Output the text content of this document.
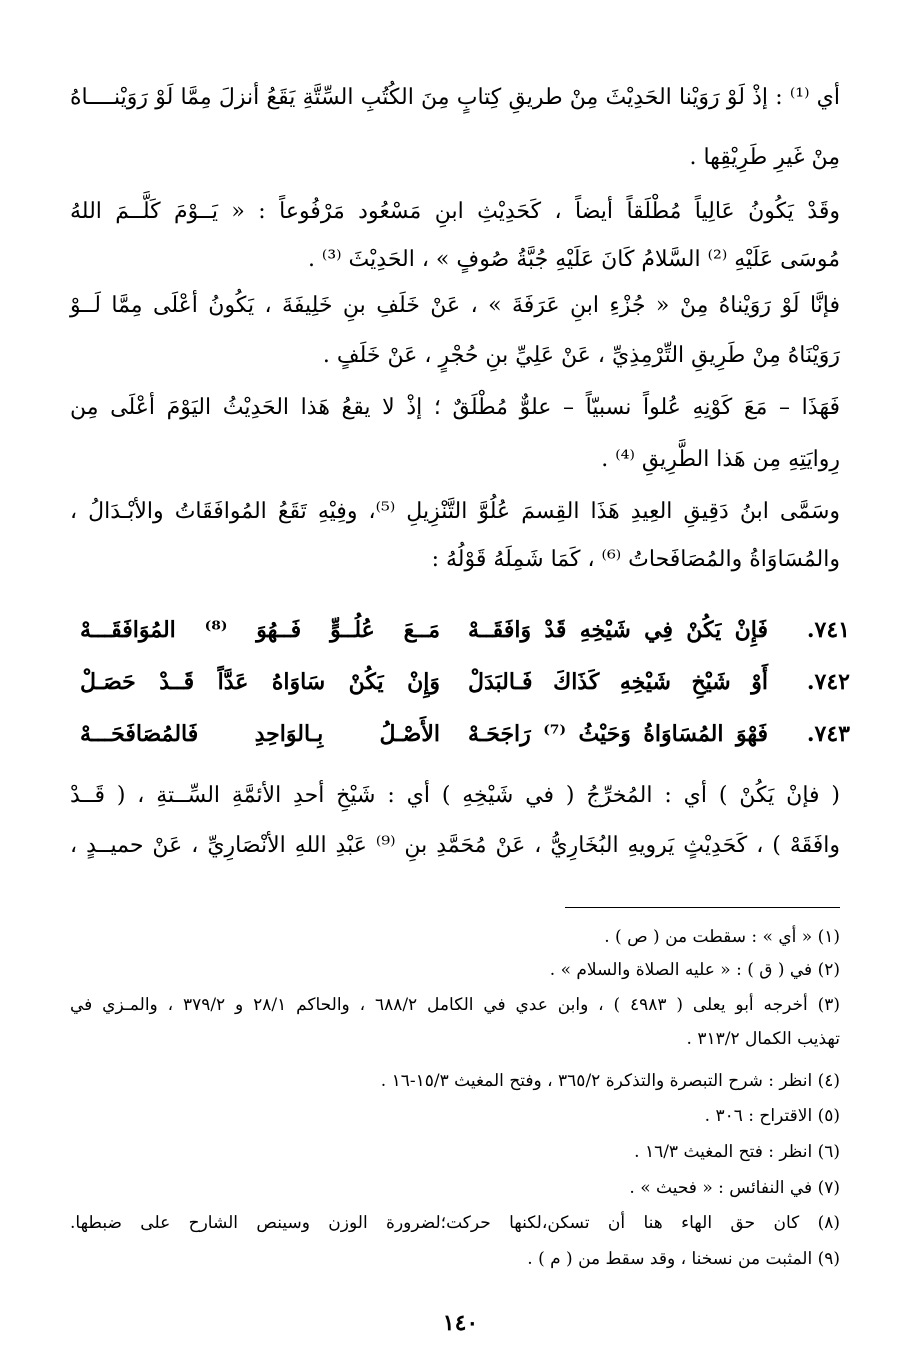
أي ⁽¹⁾ : إذْ لَوْ رَوَيْنا الحَدِيْثَ مِنْ طريقِ كِتابٍ مِنَ الكُتُبِ السِّتَّةِ يَقَعُ أنزلَ مِمَّا لَوْ رَوَيْنــــاهُ
مِنْ غَيرِ طَرِيْقِها .
وقَدْ يَكُونُ عَالِياً مُطْلَقاً أيضاً ، كَحَدِيْثِ ابنِ مَسْعُود مَرْفُوعاً : « يَــوْمَ كَلَّــمَ اللهُ
مُوسَى عَلَيْهِ ⁽²⁾ السَّلامُ كَانَ عَلَيْهِ جُبَّةُ صُوفٍ » ، الحَدِيْثَ ⁽³⁾ .
فإنَّا لَوْ رَوَيْناهُ مِنْ « جُزْءِ ابنِ عَرَفَةَ » ، عَنْ خَلَفِ بنِ خَلِيفَةَ ، يَكُونُ أعْلَى مِمَّا لَــوْ
رَوَيْنَاهُ مِنْ طَرِيقِ التِّرْمِذِيِّ ، عَنْ عَلِيِّ بنِ حُجْرٍ ، عَنْ خَلَفٍ .
فَهَذَا – مَعَ كَوْنِهِ عُلواً نسبيّاً – علوٌّ مُطْلَقٌ ؛ إذْ لا يقعُ هَذا الحَدِيْثُ اليَوْمَ أعْلَى مِن
رِوايَتِهِ مِن هَذا الطَّرِيقِ ⁽⁴⁾ .
وسَمَّى ابنُ دَقِيقِ العِيدِ هَذَا القِسمَ عُلُوَّ التَّنْزِيلِ ⁽⁵⁾، وفِيْهِ تَقَعُ المُوافَقَاتُ والأبْـدَالُ ،
والمُسَاوَاةُ والمُصَافَحاتُ ⁽⁶⁾ ، كَمَا شَمِلَهُ قَوْلُهُ :
٧٤١.
فَإِنْ يَكُنْ فِي شَيْخِهِ قَدْ وَافَقَــهْ
مَــعَ عُلُــوٍّ فَــهُوَ ⁽⁸⁾ المُوَافَقَـــهْ
٧٤٢.
أَوْ شَيْخِ شَيْخِهِ كَذَاكَ فَـالبَدَلْ
وَإِنْ يَكُنْ سَاوَاهُ عَدَّاً قَــدْ حَصَـلْ
٧٤٣.
فَهْوَ المُسَاوَاةُ وَحَيْثُ ⁽⁷⁾ رَاجَحَـهْ
الأَصْـلُ بِـالوَاحِدِ فَالمُصَافَحَـــهْ
( فإنْ يَكُنْ ) أي : المُخرِّجُ ( في شَيْخِهِ ) أي : شَيْخِ أحدِ الأئمَّةِ السِّــتةِ ، ( قَــدْ
وافَقَهْ ) ، كَحَدِيْثٍ يَرويهِ البُخَارِيُّ ، عَنْ مُحَمَّدِ بنِ ⁽⁹⁾ عَبْدِ اللهِ الأنْصَارِيِّ ، عَنْ حميــدٍ ،
(١) « أي » : سقطت من ( ص ) .
(٢) في ( ق ) : « عليه الصلاة والسلام » .
(٣) أخرجه أبو يعلى ( ٤٩٨٣ ) ، وابن عدي في الكامل ٦٨٨/٢ ، والحاكم ٢٨/١ و ٣٧٩/٢ ، والمـزي في
تهذيب الكمال ٣١٣/٢ .
(٤) انظر : شرح التبصرة والتذكرة ٣٦٥/٢ ، وفتح المغيث ١٥/٣-١٦ .
(٥) الاقتراح : ٣٠٦ .
(٦) انظر : فتح المغيث ١٦/٣ .
(٧) في النفائس : « فحيث » .
(٨) كان حق الهاء هنا أن تسكن،لكنها حركت؛لضرورة الوزن وسينص الشارح على ضبطها.
(٩) المثبت من نسخنا ، وقد سقط من ( م ) .
١٤٠
